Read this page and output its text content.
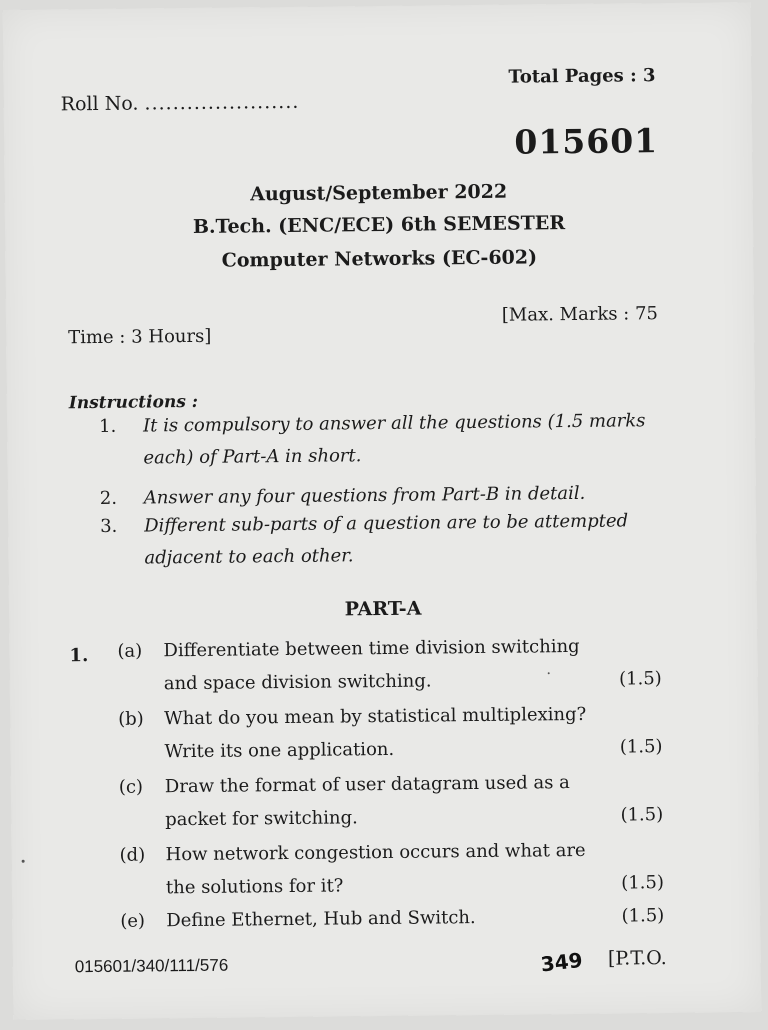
Roll No. ......................
Total Pages : 3
015601
August/September 2022
B.Tech. (ENC/ECE) 6th SEMESTER
Computer Networks (EC-602)
Time : 3 Hours]
[Max. Marks : 75
Instructions :
1. It is compulsory to answer all the questions (1.5 marks each) of Part-A in short.
2. Answer any four questions from Part-B in detail.
3. Different sub-parts of a question are to be attempted adjacent to each other.
PART-A
1. (a) Differentiate between time division switching and space division switching.	(1.5)
(b) What do you mean by statistical multiplexing? Write its one application.	(1.5)
(c) Draw the format of user datagram used as a packet for switching.	(1.5)
(d) How network congestion occurs and what are the solutions for it?	(1.5)
(e) Define Ethernet, Hub and Switch.	(1.5)
015601/340/111/576	349 [P.T.O.
